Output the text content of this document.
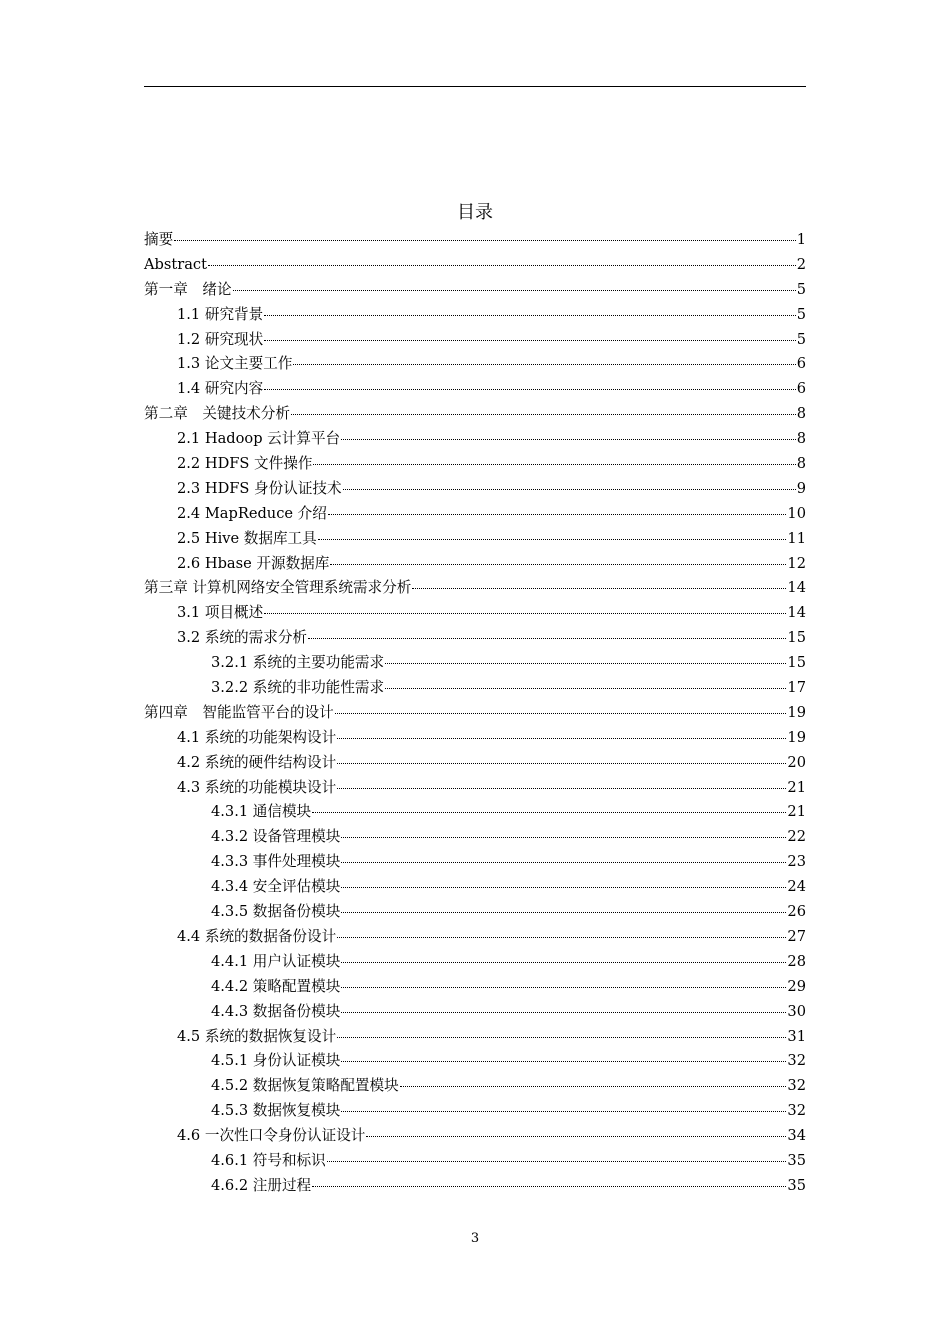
目录
摘要	1
Abstract	2
第一章　绪论	5
1.1 研究背景	5
1.2 研究现状	5
1.3 论文主要工作	6
1.4 研究内容	6
第二章　关键技术分析	8
2.1 Hadoop 云计算平台	8
2.2 HDFS 文件操作	8
2.3 HDFS 身份认证技术	9
2.4 MapReduce 介绍	10
2.5 Hive 数据库工具	11
2.6 Hbase 开源数据库	12
第三章 计算机网络安全管理系统需求分析	14
3.1 项目概述	14
3.2 系统的需求分析	15
3.2.1 系统的主要功能需求	15
3.2.2 系统的非功能性需求	17
第四章　智能监管平台的设计	19
4.1 系统的功能架构设计	19
4.2 系统的硬件结构设计	20
4.3 系统的功能模块设计	21
4.3.1 通信模块	21
4.3.2 设备管理模块	22
4.3.3 事件处理模块	23
4.3.4 安全评估模块	24
4.3.5 数据备份模块	26
4.4 系统的数据备份设计	27
4.4.1 用户认证模块	28
4.4.2 策略配置模块	29
4.4.3 数据备份模块	30
4.5 系统的数据恢复设计	31
4.5.1 身份认证模块	32
4.5.2 数据恢复策略配置模块	32
4.5.3 数据恢复模块	32
4.6 一次性口令身份认证设计	34
4.6.1 符号和标识	35
4.6.2 注册过程	35
3
